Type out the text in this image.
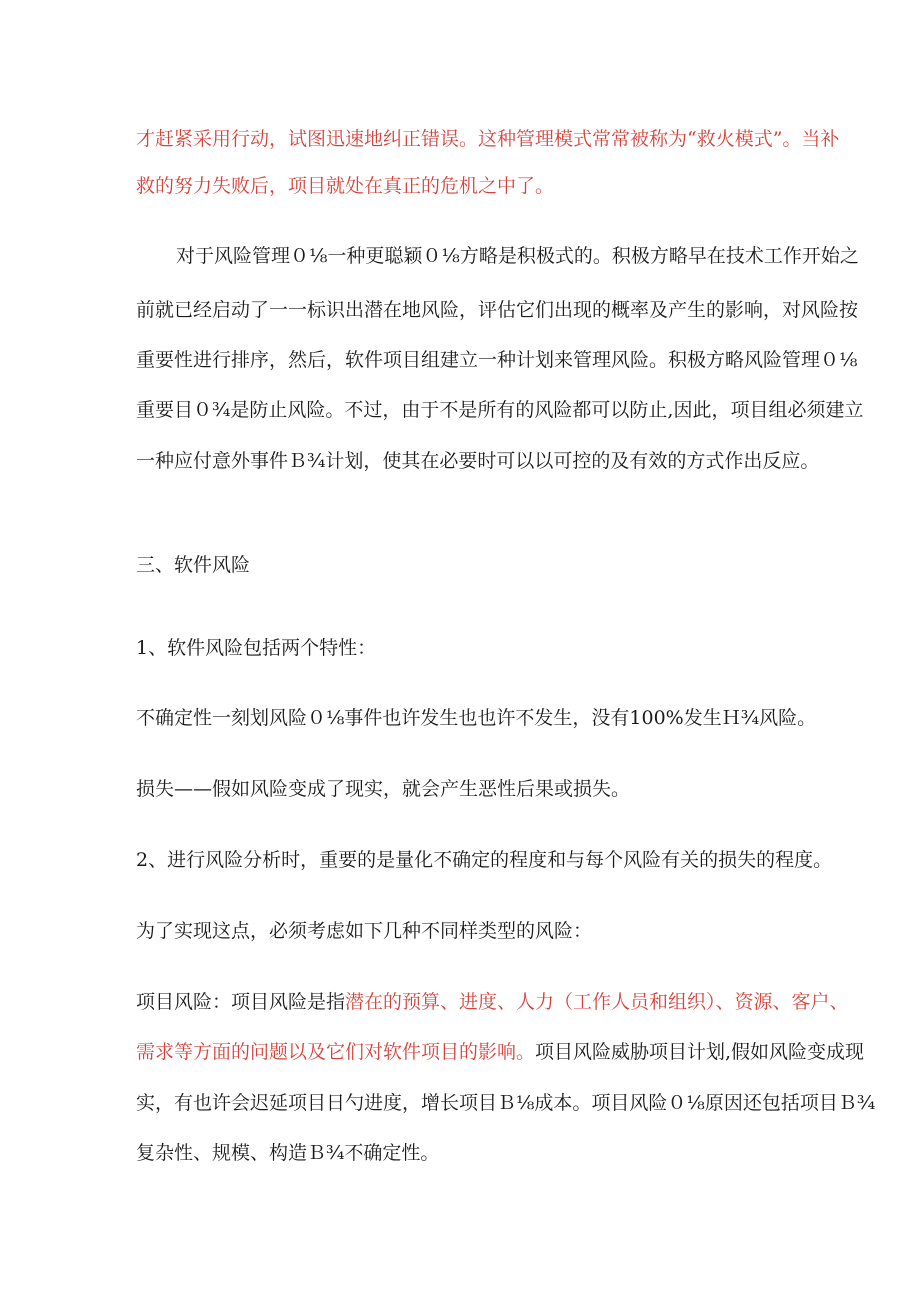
才赶紧采用行动，试图迅速地纠正错误。这种管理模式常常被称为“救火模式”。当补
救的努力失败后，项目就处在真正的危机之中了。
对于风险管理０⅛一种更聪颖０⅛方略是积极式的。积极方略早在技术工作开始之
前就已经启动了一一标识出潜在地风险，评估它们出现的概率及产生的影响，对风险按
重要性进行排序，然后，软件项目组建立一种计划来管理风险。积极方略风险管理０⅛
重要目０¾是防止风险。不过，由于不是所有的风险都可以防止,因此，项目组必须建立
一种应付意外事件Ｂ¾计划，使其在必要时可以以可控的及有效的方式作出反应。
三、软件风险
1、软件风险包括两个特性：
不确定性一刻划风险０⅛事件也许发生也也许不发生，没有100%发生Ｈ¾风险。
损失——假如风险变成了现实，就会产生恶性后果或损失。
2、进行风险分析时，重要的是量化不确定的程度和与每个风险有关的损失的程度。
为了实现这点，必须考虑如下几种不同样类型的风险：
项目风险：项目风险是指潜在的预算、进度、人力（工作人员和组织）、资源、客户、
需求等方面的问题以及它们对软件项目的影响。项目风险威胁项目计划,假如风险变成现
实，有也许会迟延项目日勺进度，增长项目Ｂ⅛成本。项目风险０⅛原因还包括项目Ｂ¾
复杂性、规模、构造Ｂ¾不确定性。
